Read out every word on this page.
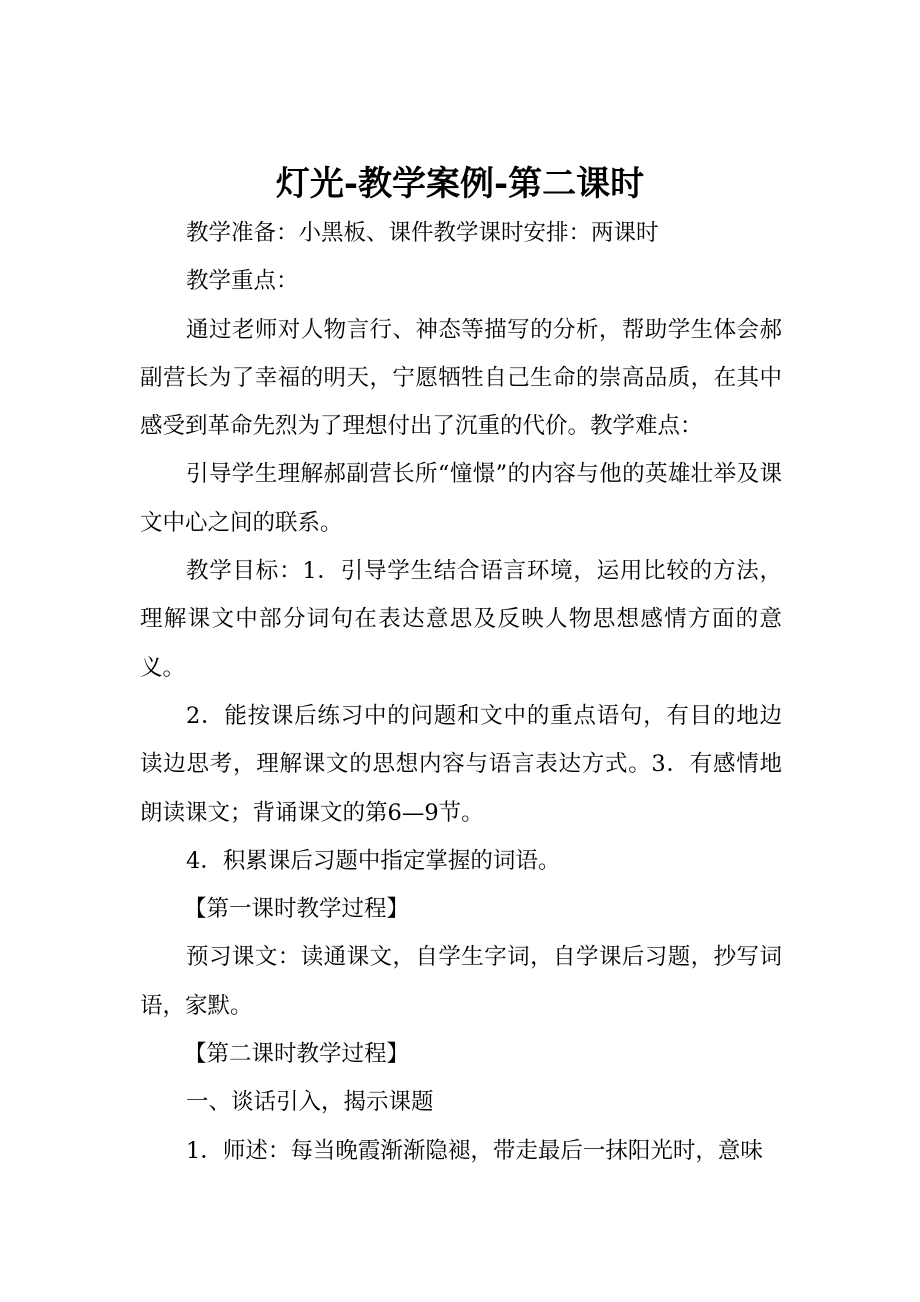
灯光-教学案例-第二课时

教学准备：小黑板、课件教学课时安排：两课时

教学重点：

通过老师对人物言行、神态等描写的分析，帮助学生体会郝副营长为了幸福的明天，宁愿牺牲自己生命的崇高品质，在其中感受到革命先烈为了理想付出了沉重的代价。教学难点：

引导学生理解郝副营长所“憧憬”的内容与他的英雄壮举及课文中心之间的联系。

教学目标：1．引导学生结合语言环境，运用比较的方法，理解课文中部分词句在表达意思及反映人物思想感情方面的意义。

2．能按课后练习中的问题和文中的重点语句，有目的地边读边思考，理解课文的思想内容与语言表达方式。3．有感情地朗读课文；背诵课文的第6—9节。

4．积累课后习题中指定掌握的词语。

【第一课时教学过程】

预习课文：读通课文，自学生字词，自学课后习题，抄写词语，家默。

【第二课时教学过程】

一、谈话引入，揭示课题

1．师述：每当晚霞渐渐隐褪，带走最后一抹阳光时，意味
